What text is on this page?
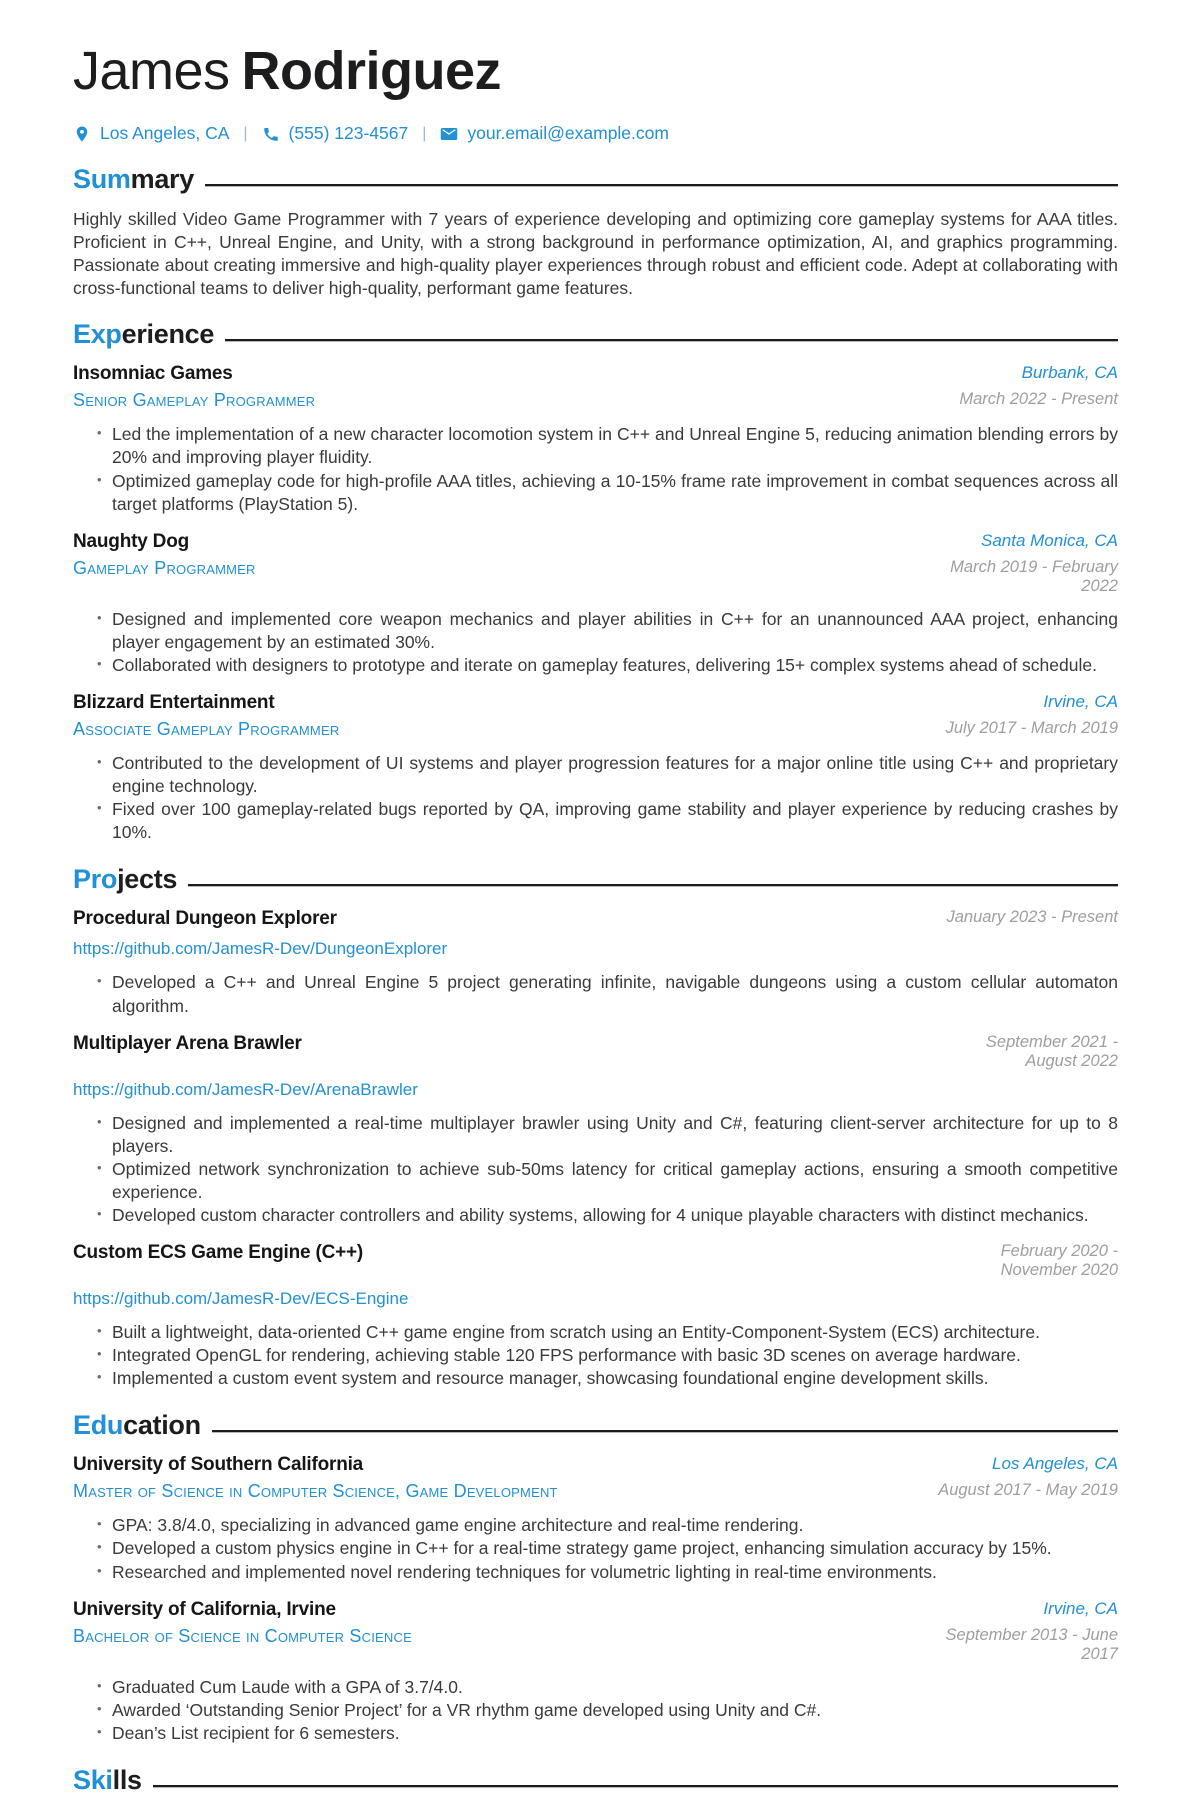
James Rodriguez
Los Angeles, CA | (555) 123-4567 | your.email@example.com
Sum mary

Highly skilled Video Game Programmer with 7 years of experience developing and optimizing core gameplay systems for AAA titles. Proficient in C++, Unreal Engine, and Unity, with a strong background in performance optimization, AI, and graphics programming. Passionate about creating immersive and high-quality player experiences through robust and efficient code. Adept at collaborating with cross-functional teams to deliver high-quality, performant game features.

Exp erience
Insomniac Games	Burbank, CA
Senior Gameplay Programmer	March 2022 - Present
• Led the implementation of a new character locomotion system in C++ and Unreal Engine 5, reducing animation blending errors by 20% and improving player fluidity.
• Optimized gameplay code for high-profile AAA titles, achieving a 10-15% frame rate improvement in combat sequences across all target platforms (PlayStation 5).
Naughty Dog	Santa Monica, CA
Gameplay Programmer	March 2019 - February 2022
• Designed and implemented core weapon mechanics and player abilities in C++ for an unannounced AAA project, enhancing player engagement by an estimated 30%.
• Collaborated with designers to prototype and iterate on gameplay features, delivering 15+ complex systems ahead of schedule.
Blizzard Entertainment	Irvine, CA
Associate Gameplay Programmer	July 2017 - March 2019
• Contributed to the development of UI systems and player progression features for a major online title using C++ and proprietary engine technology.
• Fixed over 100 gameplay-related bugs reported by QA, improving game stability and player experience by reducing crashes by 10%.
Pro jects
Procedural Dungeon Explorer	January 2023 - Present
https://github.com/JamesR-Dev/DungeonExplorer
• Developed a C++ and Unreal Engine 5 project generating infinite, navigable dungeons using a custom cellular automaton algorithm.
Multiplayer Arena Brawler	September 2021 - August 2022
https://github.com/JamesR-Dev/ArenaBrawler
• Designed and implemented a real-time multiplayer brawler using Unity and C#, featuring client-server architecture for up to 8 players.
• Optimized network synchronization to achieve sub-50ms latency for critical gameplay actions, ensuring a smooth competitive experience.
• Developed custom character controllers and ability systems, allowing for 4 unique playable characters with distinct mechanics.
Custom ECS Game Engine (C++)	February 2020 - November 2020
https://github.com/JamesR-Dev/ECS-Engine
• Built a lightweight, data-oriented C++ game engine from scratch using an Entity-Component-System (ECS) architecture.
• Integrated OpenGL for rendering, achieving stable 120 FPS performance with basic 3D scenes on average hardware.
• Implemented a custom event system and resource manager, showcasing foundational engine development skills.
Edu cation
University of Southern California	Los Angeles, CA
Master of Science in Computer Science, Game Development	August 2017 - May 2019
• GPA: 3.8/4.0, specializing in advanced game engine architecture and real-time rendering.
• Developed a custom physics engine in C++ for a real-time strategy game project, enhancing simulation accuracy by 15%.
• Researched and implemented novel rendering techniques for volumetric lighting in real-time environments.
University of California, Irvine	Irvine, CA
Bachelor of Science in Computer Science	September 2013 - June 2017
• Graduated Cum Laude with a GPA of 3.7/4.0.
• Awarded ‘Outstanding Senior Project’ for a VR rhythm game developed using Unity and C#.
• Dean’s List recipient for 6 semesters.
Ski lls
